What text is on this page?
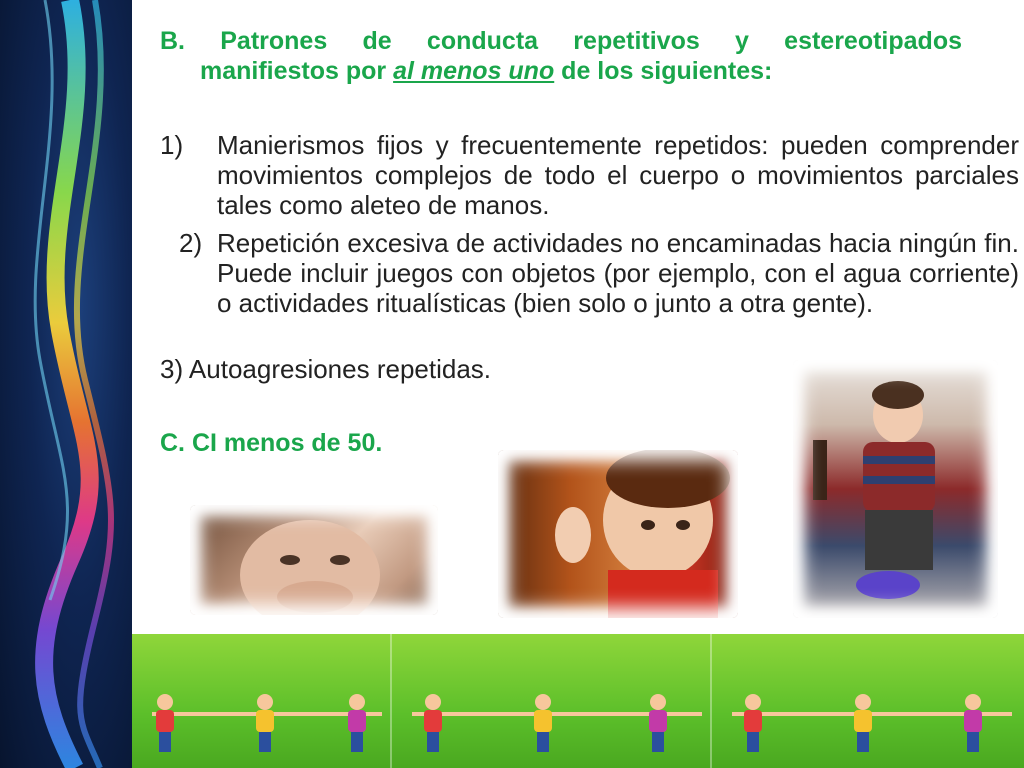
B. Patrones de conducta repetitivos y estereotipados
manifiestos por al menos uno de los siguientes:
1) Manierismos fijos y frecuentemente repetidos: pueden comprender movimientos complejos de todo el cuerpo o movimientos parciales tales como aleteo de manos.
2) Repetición excesiva de actividades no encaminadas hacia ningún fin. Puede incluir juegos con objetos (por ejemplo, con el agua corriente) o actividades ritualísticas (bien solo o junto a otra gente).
3) Autoagresiones repetidas.
C. CI menos de 50.
